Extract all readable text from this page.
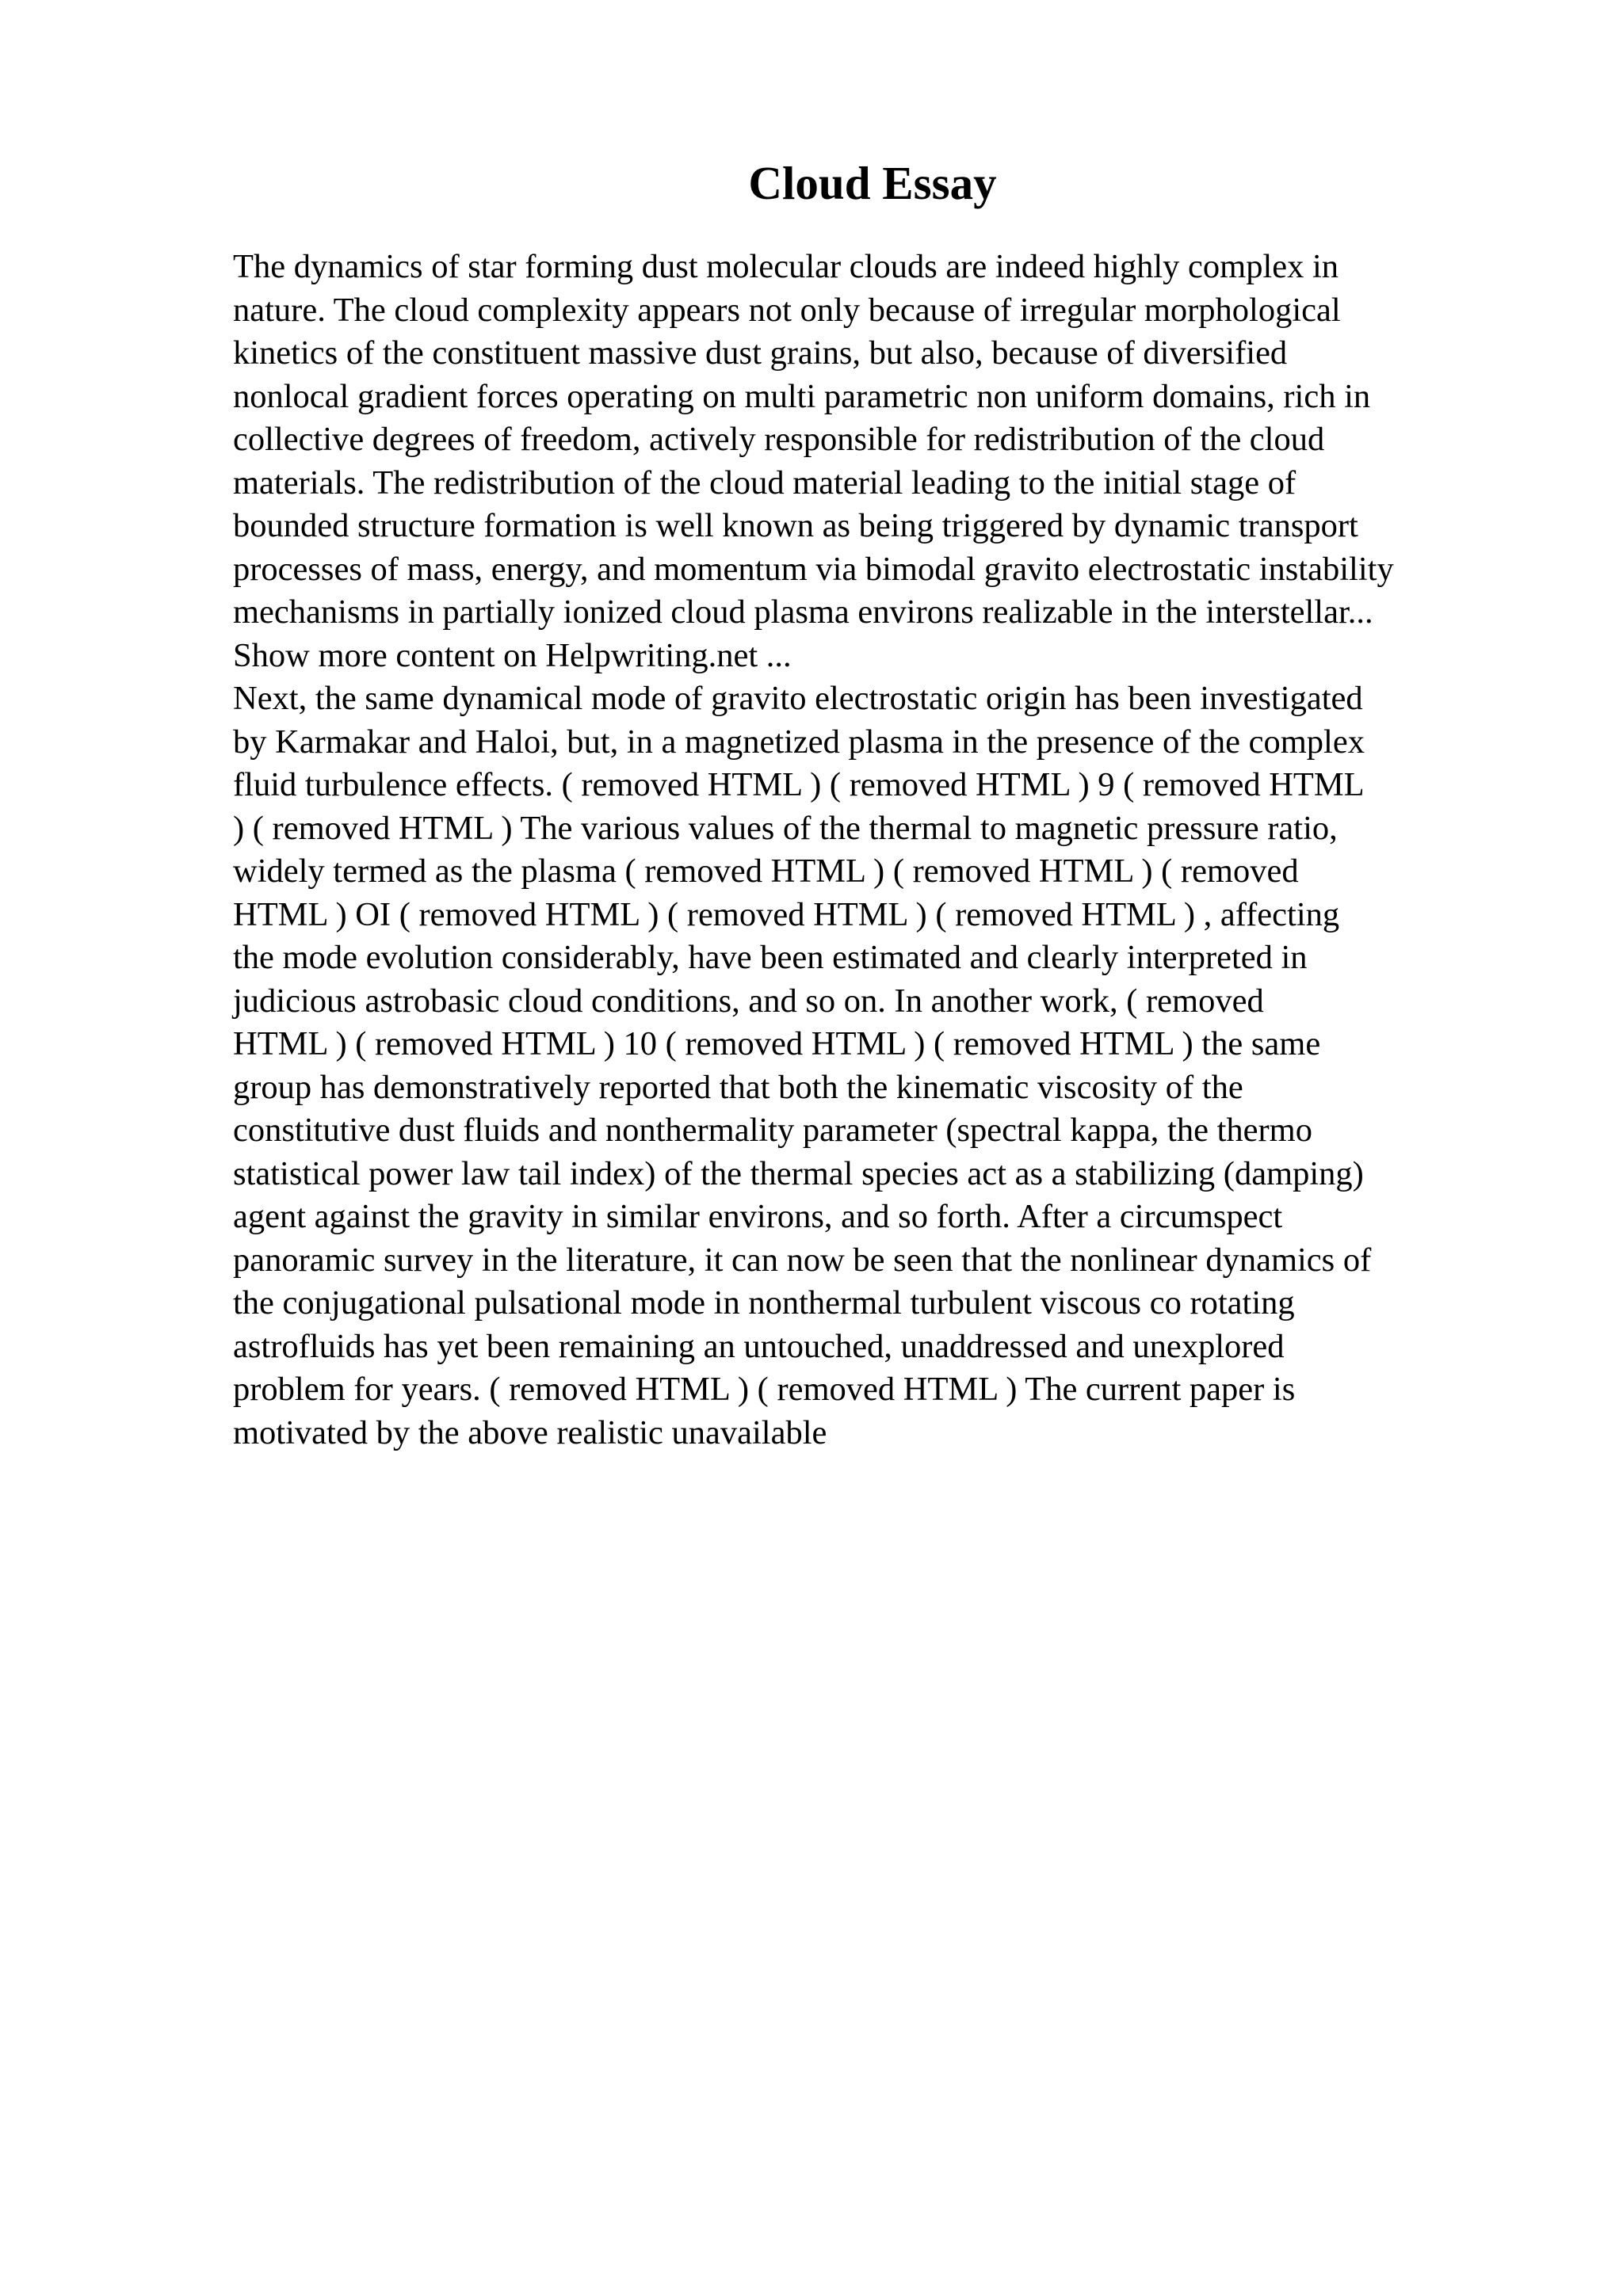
Cloud Essay
The dynamics of star forming dust molecular clouds are indeed highly complex in
nature. The cloud complexity appears not only because of irregular morphological
kinetics of the constituent massive dust grains, but also, because of diversified
nonlocal gradient forces operating on multi parametric non uniform domains, rich in
collective degrees of freedom, actively responsible for redistribution of the cloud
materials. The redistribution of the cloud material leading to the initial stage of
bounded structure formation is well known as being triggered by dynamic transport
processes of mass, energy, and momentum via bimodal gravito electrostatic instability
mechanisms in partially ionized cloud plasma environs realizable in the interstellar...
Show more content on Helpwriting.net ...
Next, the same dynamical mode of gravito electrostatic origin has been investigated
by Karmakar and Haloi, but, in a magnetized plasma in the presence of the complex
fluid turbulence effects. ( removed HTML ) ( removed HTML ) 9 ( removed HTML
) ( removed HTML ) The various values of the thermal to magnetic pressure ratio,
widely termed as the plasma ( removed HTML ) ( removed HTML ) ( removed
HTML ) OI ( removed HTML ) ( removed HTML ) ( removed HTML ) , affecting
the mode evolution considerably, have been estimated and clearly interpreted in
judicious astrobasic cloud conditions, and so on. In another work, ( removed
HTML ) ( removed HTML ) 10 ( removed HTML ) ( removed HTML ) the same
group has demonstratively reported that both the kinematic viscosity of the
constitutive dust fluids and nonthermality parameter (spectral kappa, the thermo
statistical power law tail index) of the thermal species act as a stabilizing (damping)
agent against the gravity in similar environs, and so forth. After a circumspect
panoramic survey in the literature, it can now be seen that the nonlinear dynamics of
the conjugational pulsational mode in nonthermal turbulent viscous co rotating
astrofluids has yet been remaining an untouched, unaddressed and unexplored
problem for years. ( removed HTML ) ( removed HTML ) The current paper is
motivated by the above realistic unavailable
